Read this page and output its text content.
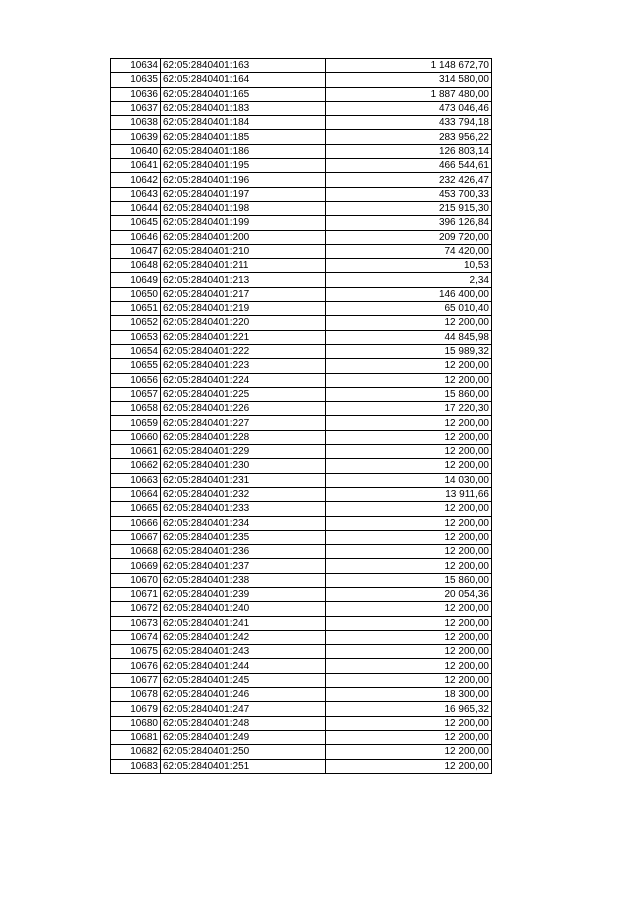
10634	62:05:2840401:163	1 148 672,70
10635	62:05:2840401:164	314 580,00
10636	62:05:2840401:165	1 887 480,00
10637	62:05:2840401:183	473 046,46
10638	62:05:2840401:184	433 794,18
10639	62:05:2840401:185	283 956,22
10640	62:05:2840401:186	126 803,14
10641	62:05:2840401:195	466 544,61
10642	62:05:2840401:196	232 426,47
10643	62:05:2840401:197	453 700,33
10644	62:05:2840401:198	215 915,30
10645	62:05:2840401:199	396 126,84
10646	62:05:2840401:200	209 720,00
10647	62:05:2840401:210	74 420,00
10648	62:05:2840401:211	10,53
10649	62:05:2840401:213	2,34
10650	62:05:2840401:217	146 400,00
10651	62:05:2840401:219	65 010,40
10652	62:05:2840401:220	12 200,00
10653	62:05:2840401:221	44 845,98
10654	62:05:2840401:222	15 989,32
10655	62:05:2840401:223	12 200,00
10656	62:05:2840401:224	12 200,00
10657	62:05:2840401:225	15 860,00
10658	62:05:2840401:226	17 220,30
10659	62:05:2840401:227	12 200,00
10660	62:05:2840401:228	12 200,00
10661	62:05:2840401:229	12 200,00
10662	62:05:2840401:230	12 200,00
10663	62:05:2840401:231	14 030,00
10664	62:05:2840401:232	13 911,66
10665	62:05:2840401:233	12 200,00
10666	62:05:2840401:234	12 200,00
10667	62:05:2840401:235	12 200,00
10668	62:05:2840401:236	12 200,00
10669	62:05:2840401:237	12 200,00
10670	62:05:2840401:238	15 860,00
10671	62:05:2840401:239	20 054,36
10672	62:05:2840401:240	12 200,00
10673	62:05:2840401:241	12 200,00
10674	62:05:2840401:242	12 200,00
10675	62:05:2840401:243	12 200,00
10676	62:05:2840401:244	12 200,00
10677	62:05:2840401:245	12 200,00
10678	62:05:2840401:246	18 300,00
10679	62:05:2840401:247	16 965,32
10680	62:05:2840401:248	12 200,00
10681	62:05:2840401:249	12 200,00
10682	62:05:2840401:250	12 200,00
10683	62:05:2840401:251	12 200,00
